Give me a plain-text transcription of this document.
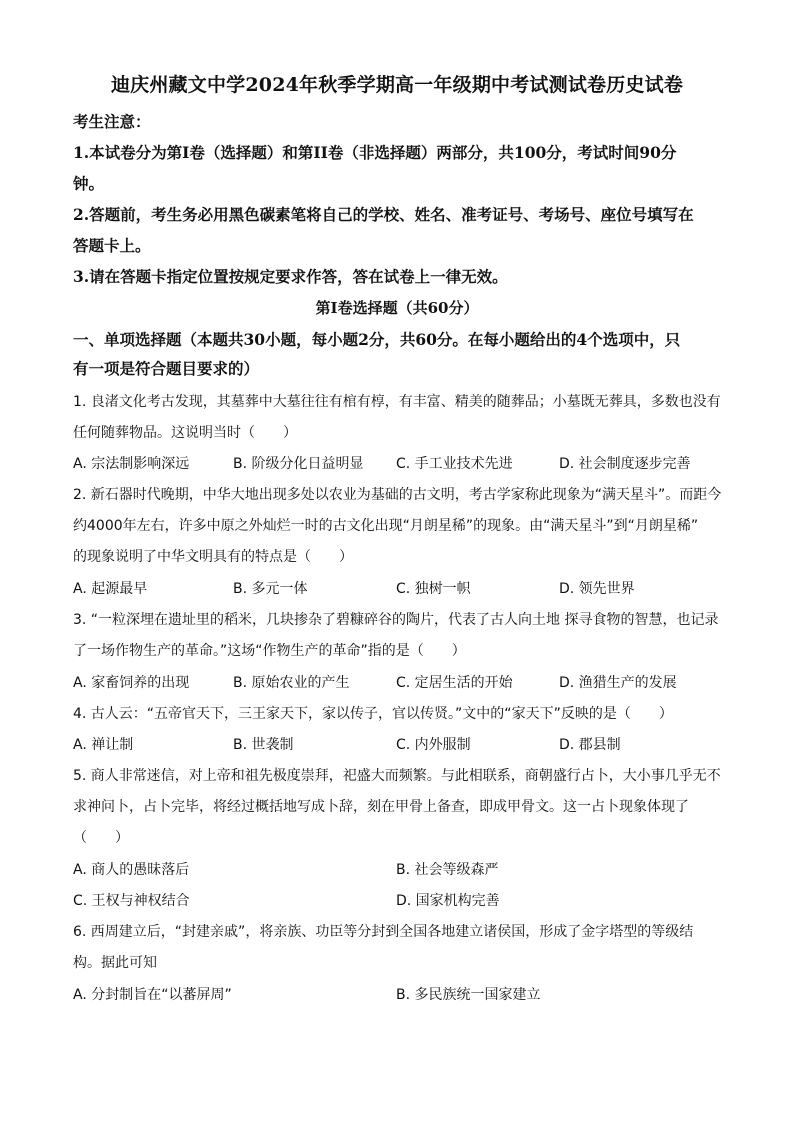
迪庆州藏文中学2024年秋季学期高一年级期中考试测试卷历史试卷
考生注意：
1.本试卷分为第Ⅰ卷（选择题）和第II卷（非选择题）两部分，共100分，考试时间90分
钟。
2.答题前，考生务必用黑色碳素笔将自己的学校、姓名、准考证号、考场号、座位号填写在
答题卡上。
3.请在答题卡指定位置按规定要求作答，答在试卷上一律无效。
第Ⅰ卷选择题（共60分）
一、单项选择题（本题共30小题，每小题2分，共60分。在每小题给出的4个选项中，只
有一项是符合题目要求的）
1. 良渚文化考古发现，其墓葬中大墓往往有棺有椁，有丰富、精美的随葬品；小墓既无葬具，多数也没有
任何随葬物品。这说明当时（　　）
A. 宗法制影响深远	B. 阶级分化日益明显 C. 手工业技术先进	D. 社会制度逐步完善
2. 新石器时代晚期，中华大地出现多处以农业为基础的古文明，考古学家称此现象为“满天星斗”。而距今
约4000年左右，许多中原之外灿烂一时的古文化出现“月朗星稀”的现象。由“满天星斗”到“月朗星稀”
的现象说明了中华文明具有的特点是（　　）
A. 起源最早	B. 多元一体	C. 独树一帜	D. 领先世界
3. “一粒深埋在遗址里的稻米，几块掺杂了碧糠碎谷的陶片，代表了古人向土地 探寻食物的智慧，也记录
了一场作物生产的革命。”这场“作物生产的革命”指的是（　　）
A. 家畜饲养的出现	B. 原始农业的产生	C. 定居生活的开始	D. 渔猎生产的发展
4. 古人云：“五帝官天下，三王家天下，家以传子，官以传贤。”文中的“家天下”反映的是（　　）
A. 禅让制	B. 世袭制	C. 内外服制	D. 郡县制
5. 商人非常迷信，对上帝和祖先极度崇拜，祀盛大而频繁。与此相联系，商朝盛行占卜，大小事几乎无不
求神问卜，占卜完毕，将经过概括地写成卜辞，刻在甲骨上备查，即成甲骨文。这一占卜现象体现了
（　　）
A. 商人的愚昧落后	B. 社会等级森严
C. 王权与神权结合	D. 国家机构完善
6. 西周建立后，“封建亲戚”，将亲族、功臣等分封到全国各地建立诸侯国，形成了金字塔型的等级结
构。据此可知
A. 分封制旨在“以蕃屏周”	B. 多民族统一国家建立
